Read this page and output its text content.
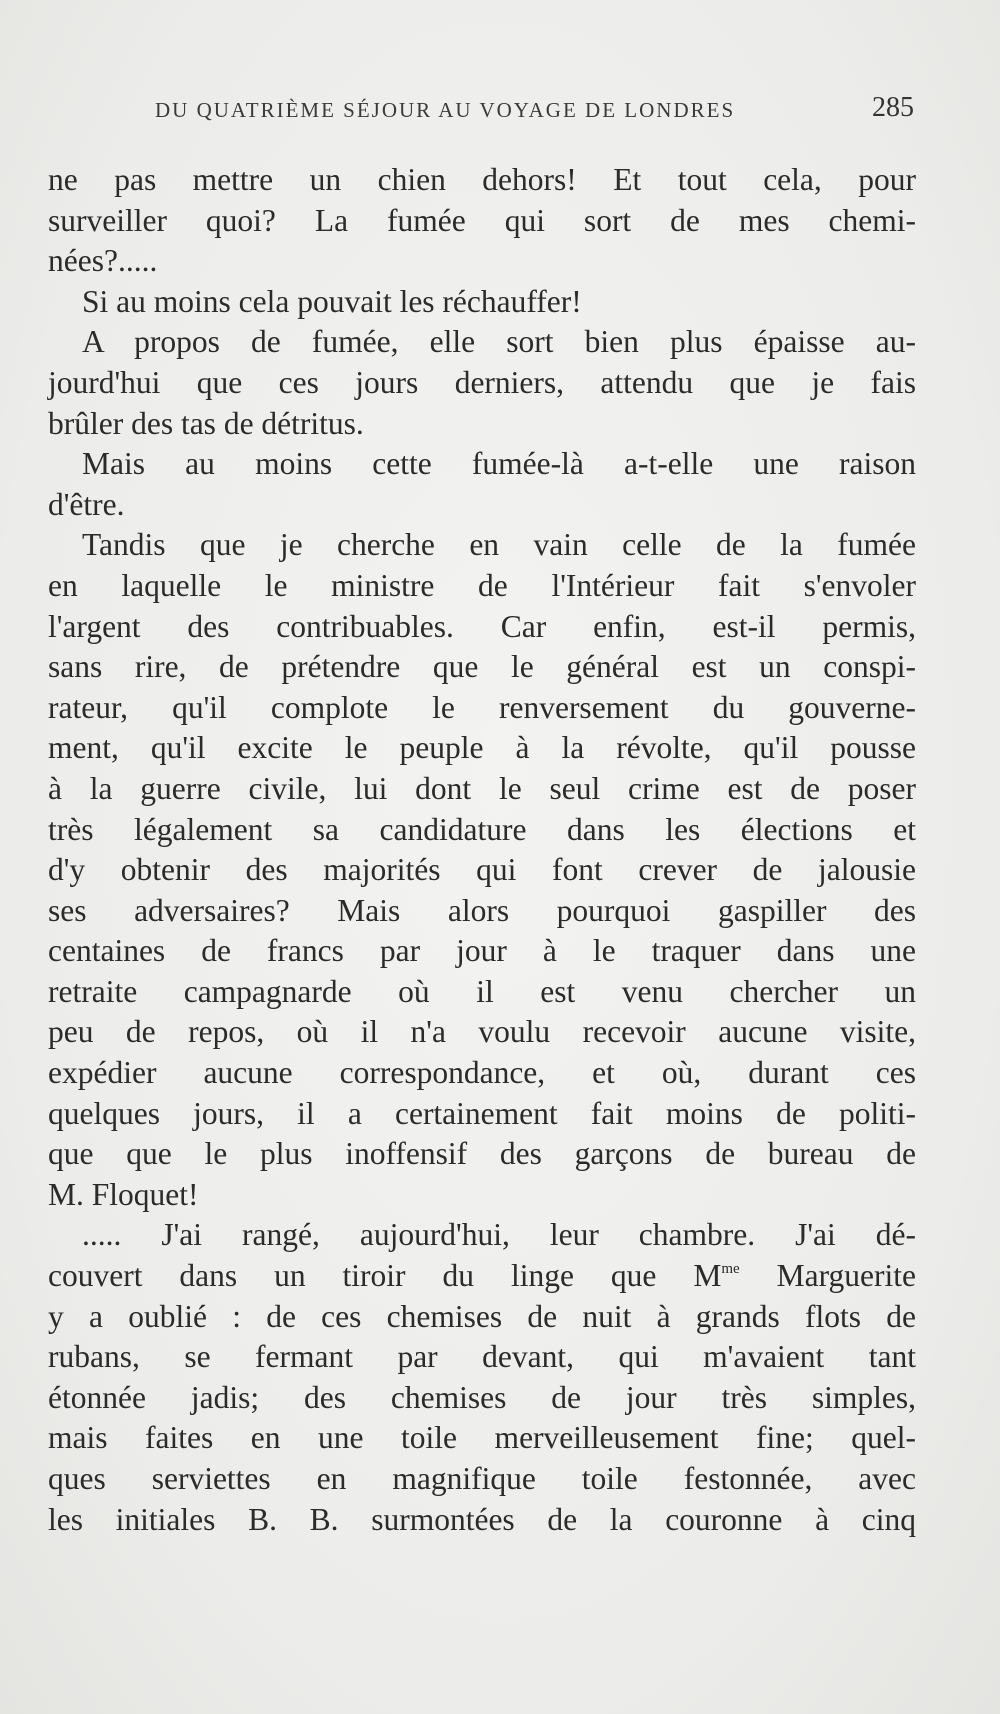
DU QUATRIÈME SÉJOUR AU VOYAGE DE LONDRES	285
ne pas mettre un chien dehors! Et tout cela, pour
surveiller quoi? La fumée qui sort de mes chemi-
nées?.....
Si au moins cela pouvait les réchauffer!
A propos de fumée, elle sort bien plus épaisse au-
jourd'hui que ces jours derniers, attendu que je fais
brûler des tas de détritus.
Mais au moins cette fumée-là a-t-elle une raison
d'être.
Tandis que je cherche en vain celle de la fumée
en laquelle le ministre de l'Intérieur fait s'envoler
l'argent des contribuables. Car enfin, est-il permis,
sans rire, de prétendre que le général est un conspi-
rateur, qu'il complote le renversement du gouverne-
ment, qu'il excite le peuple à la révolte, qu'il pousse
à la guerre civile, lui dont le seul crime est de poser
très légalement sa candidature dans les élections et
d'y obtenir des majorités qui font crever de jalousie
ses adversaires? Mais alors pourquoi gaspiller des
centaines de francs par jour à le traquer dans une
retraite campagnarde où il est venu chercher un
peu de repos, où il n'a voulu recevoir aucune visite,
expédier aucune correspondance, et où, durant ces
quelques jours, il a certainement fait moins de politi-
que que le plus inoffensif des garçons de bureau de
M. Floquet!
..... J'ai rangé, aujourd'hui, leur chambre. J'ai dé-
couvert dans un tiroir du linge que $M^{me}$ Marguerite
y a oublié : de ces chemises de nuit à grands flots de
rubans, se fermant par devant, qui m'avaient tant
étonnée jadis; des chemises de jour très simples,
mais faites en une toile merveilleusement fine; quel-
ques serviettes en magnifique toile festonnée, avec
les initiales B. B. surmontées de la couronne à cinq
